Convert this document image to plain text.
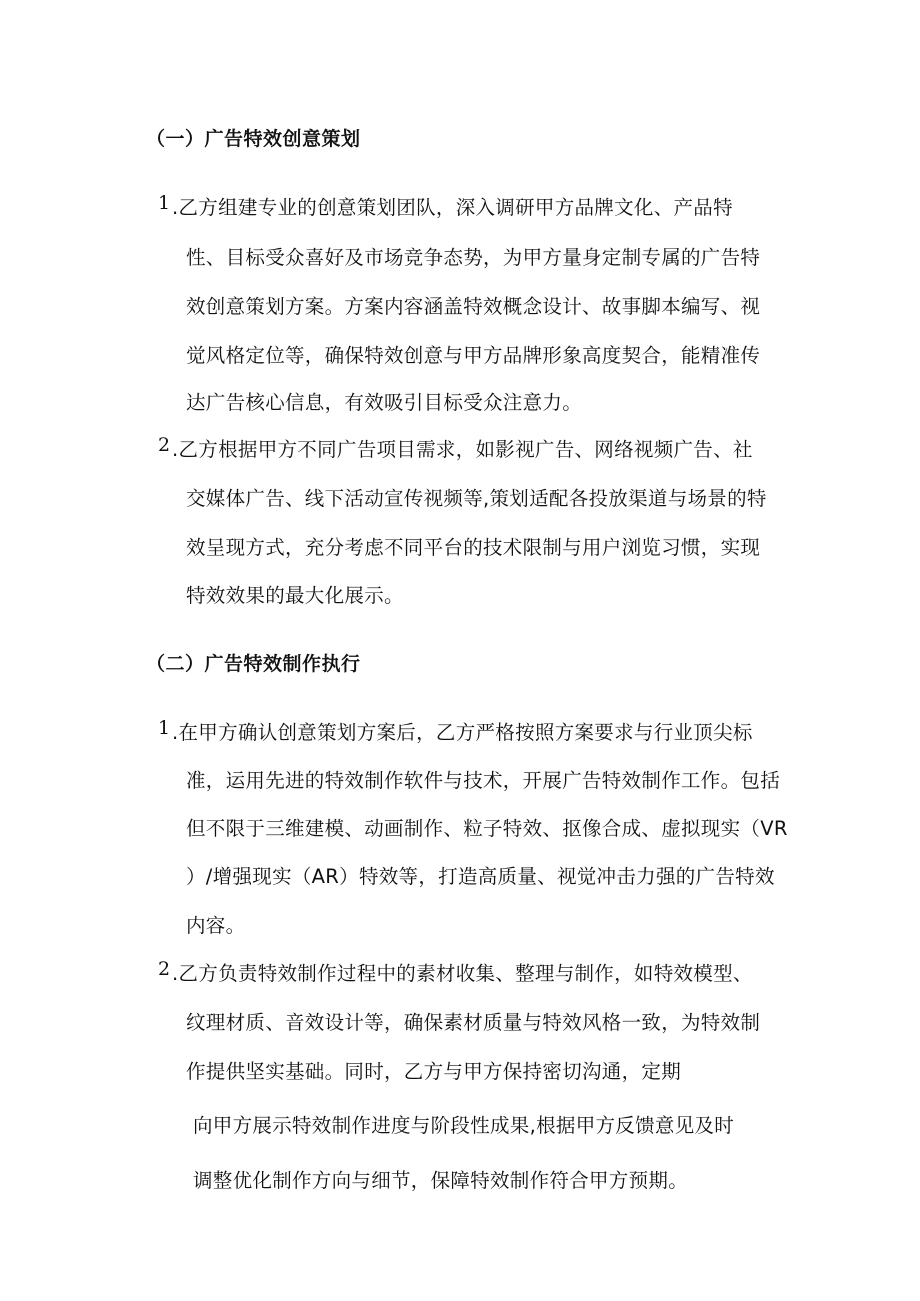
（一）广告特效创意策划
1 .乙方组建专业的创意策划团队，深入调研甲方品牌文化、产品特
性、目标受众喜好及市场竞争态势，为甲方量身定制专属的广告特
效创意策划方案。方案内容涵盖特效概念设计、故事脚本编写、视
觉风格定位等，确保特效创意与甲方品牌形象高度契合，能精准传
达广告核心信息，有效吸引目标受众注意力。
2 .乙方根据甲方不同广告项目需求，如影视广告、网络视频广告、社
交媒体广告、线下活动宣传视频等,策划适配各投放渠道与场景的特
效呈现方式，充分考虑不同平台的技术限制与用户浏览习惯，实现
特效效果的最大化展示。
（二）广告特效制作执行
1 .在甲方确认创意策划方案后，乙方严格按照方案要求与行业顶尖标
准，运用先进的特效制作软件与技术，开展广告特效制作工作。包括
但不限于三维建模、动画制作、粒子特效、抠像合成、虚拟现实（VR
）/增强现实（AR）特效等，打造高质量、视觉冲击力强的广告特效
内容。
2 .乙方负责特效制作过程中的素材收集、整理与制作，如特效模型、
纹理材质、音效设计等，确保素材质量与特效风格一致，为特效制
作提供坚实基础。同时，乙方与甲方保持密切沟通，定期
向甲方展示特效制作进度与阶段性成果,根据甲方反馈意见及时
调整优化制作方向与细节，保障特效制作符合甲方预期。
